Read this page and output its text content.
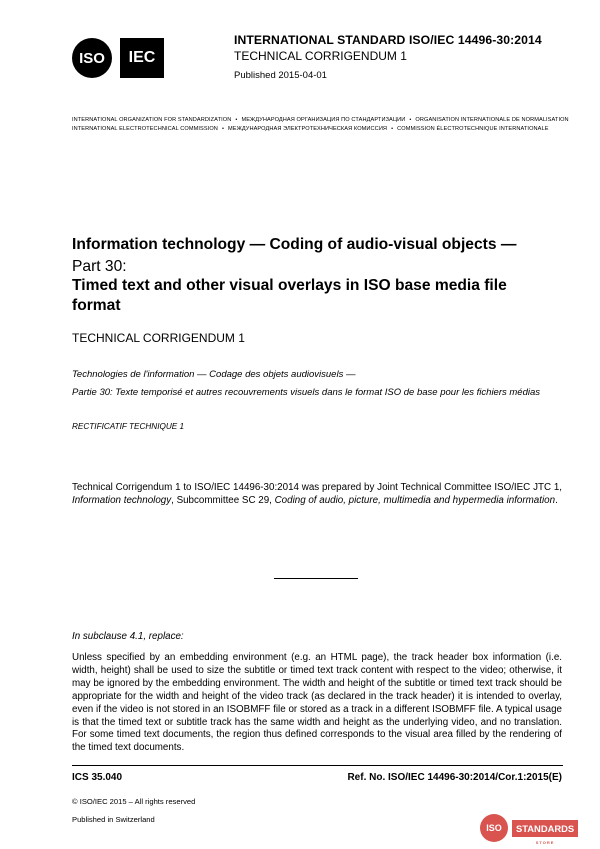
ISO	IEC
INTERNATIONAL STANDARD ISO/IEC 14496-30:2014
TECHNICAL CORRIGENDUM 1
Published 2015-04-01
INTERNATIONAL ORGANIZATION FOR STANDARDIZATION • МЕЖДУНАРОДНАЯ ОРГАНИЗАЦИЯ ПО СТАНДАРТИЗАЦИИ • ORGANISATION INTERNATIONALE DE NORMALISATION
INTERNATIONAL ELECTROTECHNICAL COMMISSION • МЕЖДУНАРОДНАЯ ЭЛЕКТРОТЕХНИЧЕСКАЯ КОМИССИЯ • COMMISSION ÉLECTROTECHNIQUE INTERNATIONALE
Information technology — Coding of audio-visual objects —
Part 30:
Timed text and other visual overlays in ISO base media file format
TECHNICAL CORRIGENDUM 1
Technologies de l'information — Codage des objets audiovisuels —
Partie 30: Texte temporisé et autres recouvrements visuels dans le format ISO de base pour les fichiers médias
RECTIFICATIF TECHNIQUE 1
Technical Corrigendum 1 to ISO/IEC 14496-30:2014 was prepared by Joint Technical Committee ISO/IEC JTC 1, Information technology, Subcommittee SC 29, Coding of audio, picture, multimedia and hypermedia information.
In subclause 4.1, replace:
Unless specified by an embedding environment (e.g. an HTML page), the track header box information (i.e. width, height) shall be used to size the subtitle or timed text track content with respect to the video; otherwise, it may be ignored by the embedding environment. The width and height of the subtitle or timed text track should be appropriate for the width and height of the video track (as declared in the track header) it is intended to overlay, even if the video is not stored in an ISOBMFF file or stored as a track in a different ISOBMFF file. A typical usage is that the timed text or subtitle track has the same width and height as the underlying video, and no translation. For some timed text documents, the region thus defined corresponds to the visual area filled by the rendering of the timed text documents.
ICS 35.040	Ref. No. ISO/IEC 14496-30:2014/Cor.1:2015(E)
© ISO/IEC 2015 – All rights reserved
Published in Switzerland
ISO	STANDARDS
STORE
